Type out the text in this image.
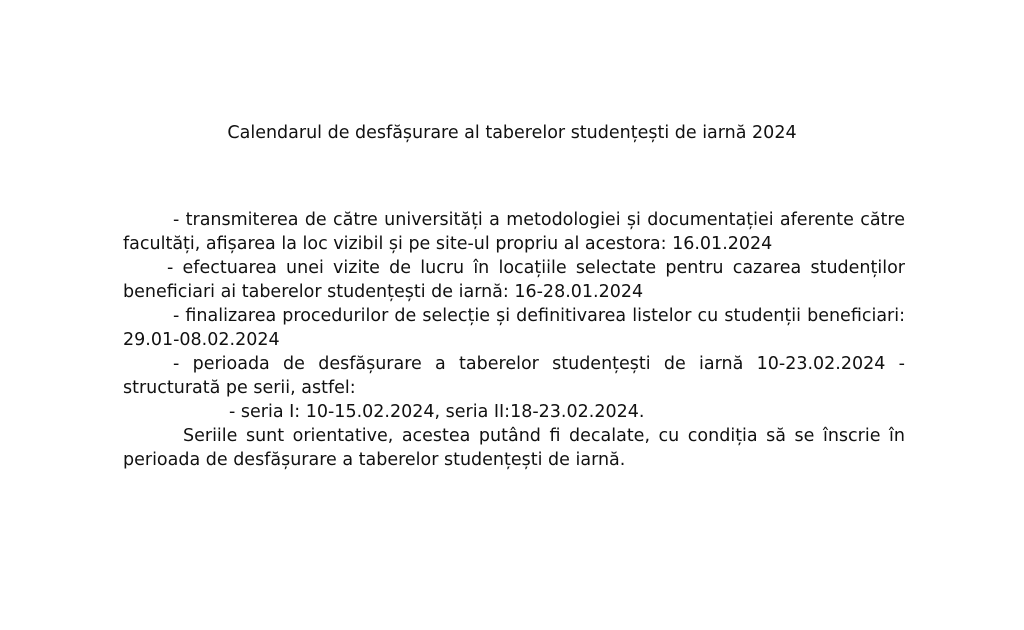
Calendarul de desfășurare al taberelor studențești de iarnă 2024

- transmiterea de către universități a metodologiei și documentației aferente către facultăți, afișarea la loc vizibil și pe site-ul propriu al acestora: 16.01.2024

- efectuarea unei vizite de lucru în locațiile selectate pentru cazarea studenților beneficiari ai taberelor studențești de iarnă: 16-28.01.2024

- finalizarea procedurilor de selecție și definitivarea listelor cu studenții beneficiari: 29.01-08.02.2024

- perioada de desfășurare a taberelor studențești de iarnă 10-23.02.2024 - structurată pe serii, astfel:

- seria I: 10-15.02.2024, seria II:18-23.02.2024.

Seriile sunt orientative, acestea putând fi decalate, cu condiția să se înscrie în perioada de desfășurare a taberelor studențești de iarnă.
